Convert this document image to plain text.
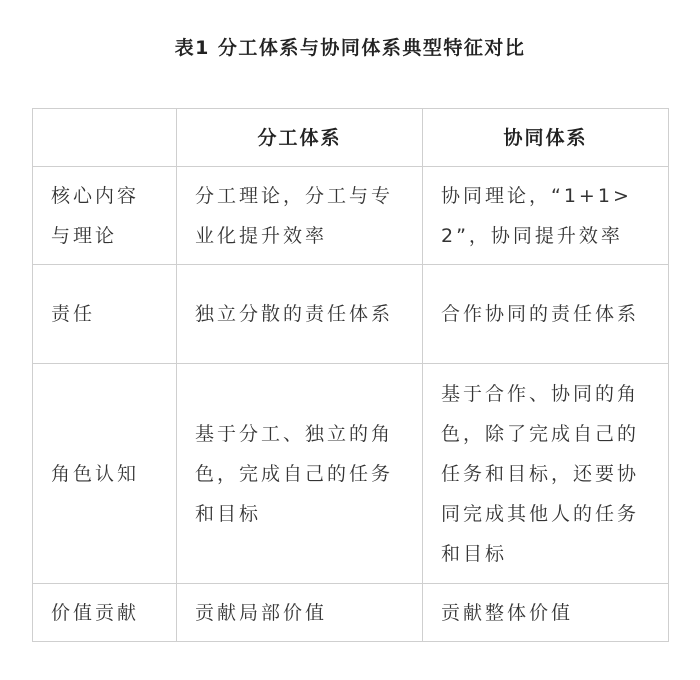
表1 分工体系与协同体系典型特征对比
	分工体系	协同体系
核心内容与理论	分工理论，分工与专业化提升效率	协同理论，“1+1>2”，协同提升效率
责任	独立分散的责任体系	合作协同的责任体系
角色认知	基于分工、独立的角色，完成自己的任务和目标	基于合作、协同的角色，除了完成自己的任务和目标，还要协同完成其他人的任务和目标
价值贡献	贡献局部价值	贡献整体价值
